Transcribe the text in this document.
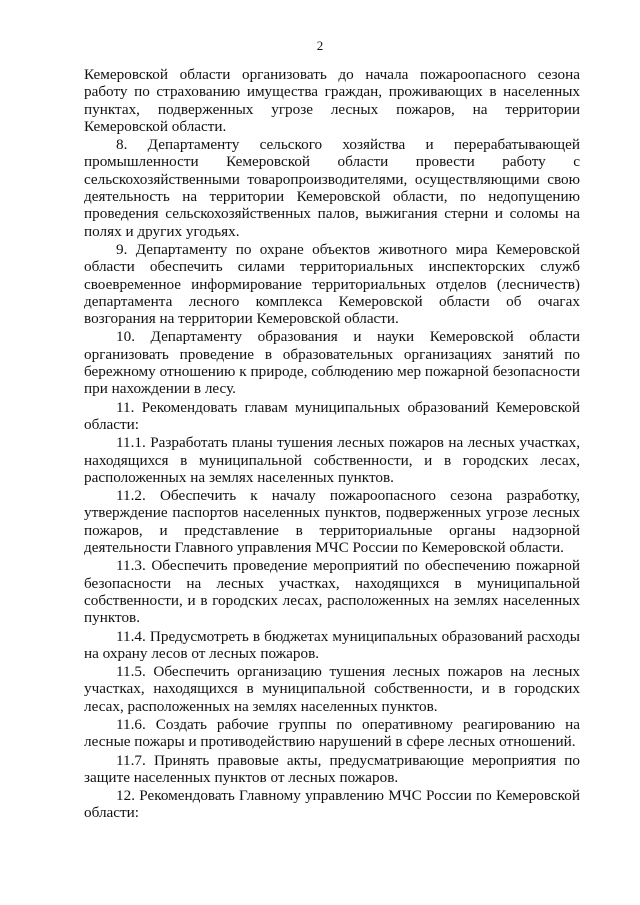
2

Кемеровской области организовать до начала пожароопасного сезона работу по страхованию имущества граждан, проживающих в населенных пунктах, подверженных угрозе лесных пожаров, на территории Кемеровской области.

8. Департаменту сельского хозяйства и перерабатывающей промышленности Кемеровской области провести работу с сельскохозяйственными товаропроизводителями, осуществляющими свою деятельность на территории Кемеровской области, по недопущению проведения сельскохозяйственных палов, выжигания стерни и соломы на полях и других угодьях.

9. Департаменту по охране объектов животного мира Кемеровской области обеспечить силами территориальных инспекторских служб своевременное информирование территориальных отделов (лесничеств) департамента лесного комплекса Кемеровской области об очагах возгорания на территории Кемеровской области.

10. Департаменту образования и науки Кемеровской области организовать проведение в образовательных организациях занятий по бережному отношению к природе, соблюдению мер пожарной безопасности при нахождении в лесу.

11. Рекомендовать главам муниципальных образований Кемеровской области:

11.1. Разработать планы тушения лесных пожаров на лесных участках, находящихся в муниципальной собственности, и в городских лесах, расположенных на землях населенных пунктов.

11.2. Обеспечить к началу пожароопасного сезона разработку, утверждение паспортов населенных пунктов, подверженных угрозе лесных пожаров, и представление в территориальные органы надзорной деятельности Главного управления МЧС России по Кемеровской области.

11.3. Обеспечить проведение мероприятий по обеспечению пожарной безопасности на лесных участках, находящихся в муниципальной собственности, и в городских лесах, расположенных на землях населенных пунктов.

11.4. Предусмотреть в бюджетах муниципальных образований расходы на охрану лесов от лесных пожаров.

11.5. Обеспечить организацию тушения лесных пожаров на лесных участках, находящихся в муниципальной собственности, и в городских лесах, расположенных на землях населенных пунктов.

11.6. Создать рабочие группы по оперативному реагированию на лесные пожары и противодействию нарушений в сфере лесных отношений.

11.7. Принять правовые акты, предусматривающие мероприятия по защите населенных пунктов от лесных пожаров.

12. Рекомендовать Главному управлению МЧС России по Кемеровской области:
